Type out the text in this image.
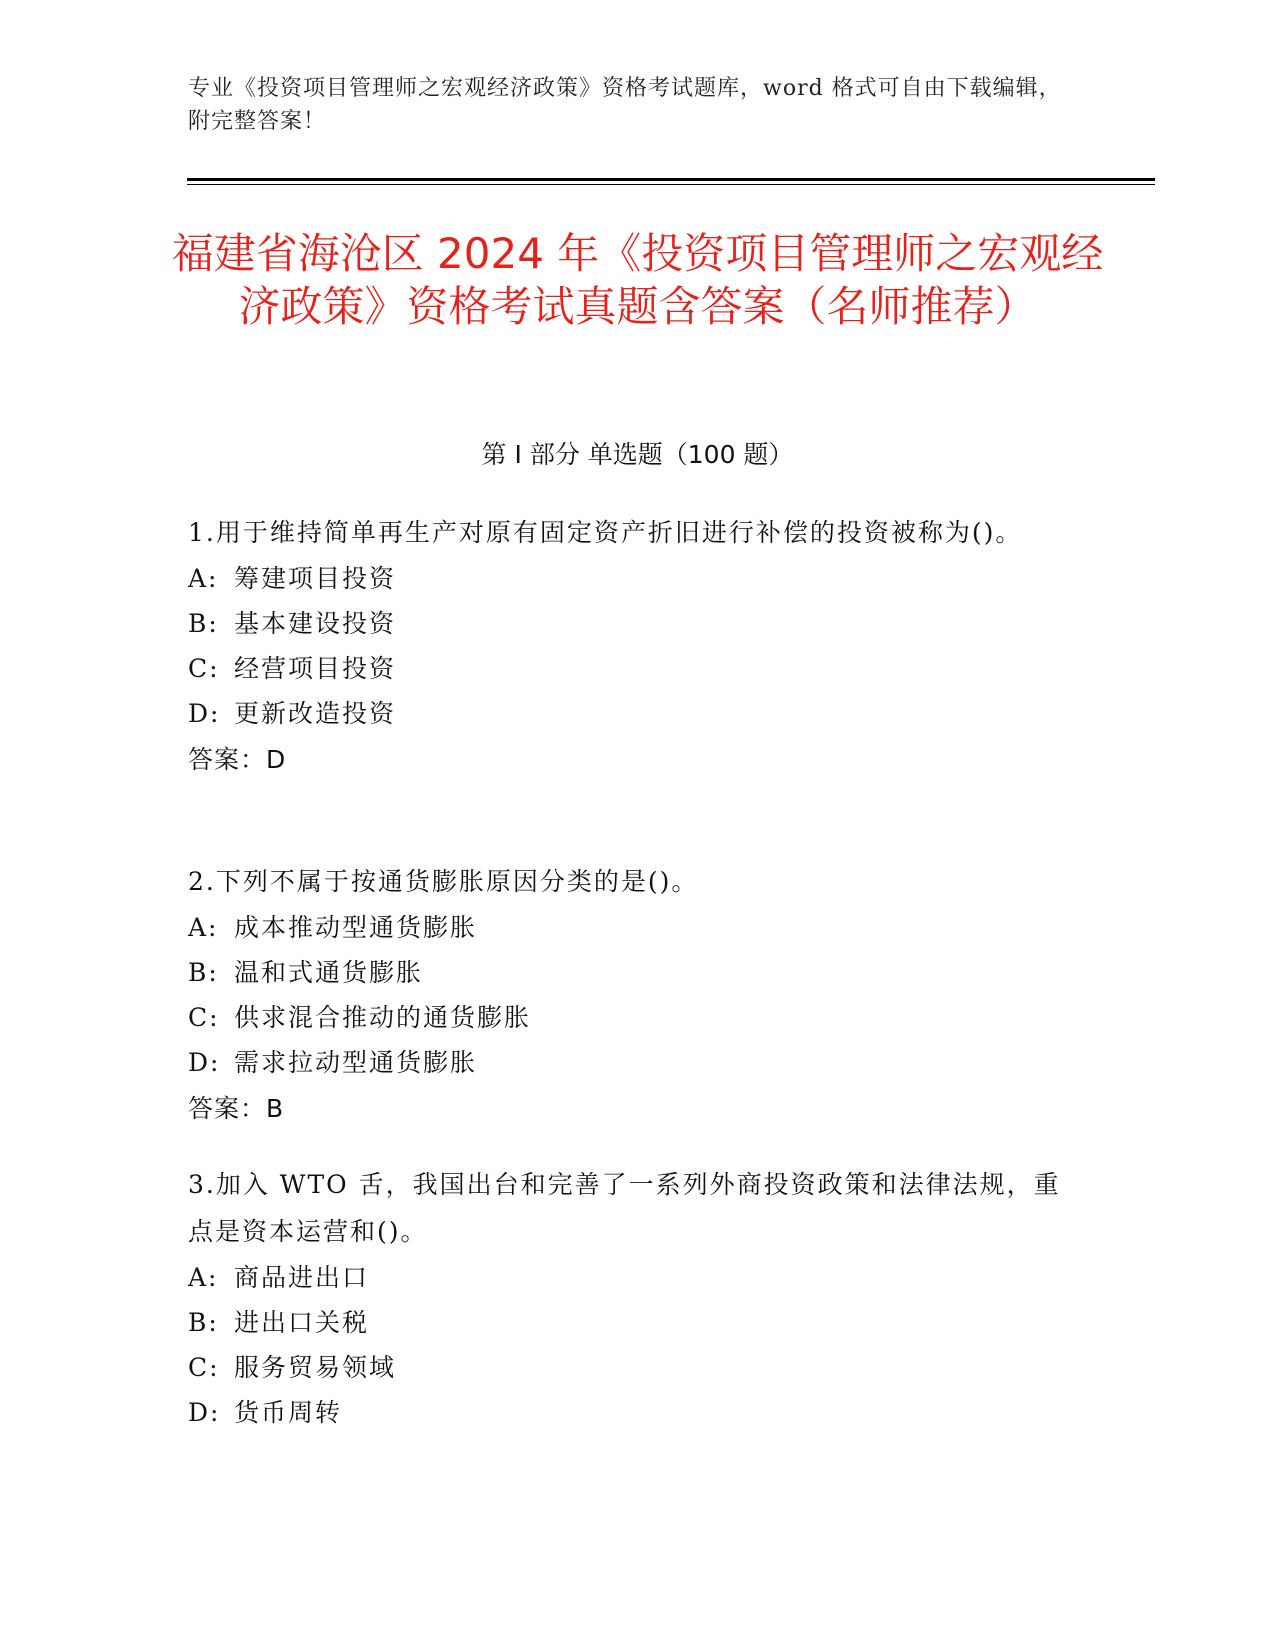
专业《投资项目管理师之宏观经济政策》资格考试题库，word 格式可自由下载编辑，附完整答案！
福建省海沧区 2024 年《投资项目管理师之宏观经济政策》资格考试真题含答案（名师推荐）
第 I 部分 单选题（100 题）
1.用于维持简单再生产对原有固定资产折旧进行补偿的投资被称为()。
A: 筹建项目投资
B: 基本建设投资
C: 经营项目投资
D: 更新改造投资
答案：D
2.下列不属于按通货膨胀原因分类的是()。
A: 成本推动型通货膨胀
B: 温和式通货膨胀
C: 供求混合推动的通货膨胀
D: 需求拉动型通货膨胀
答案：B
3.加入 WTO 舌，我国出台和完善了一系列外商投资政策和法律法规，重点是资本运营和()。
A: 商品进出口
B: 进出口关税
C: 服务贸易领域
D: 货币周转
